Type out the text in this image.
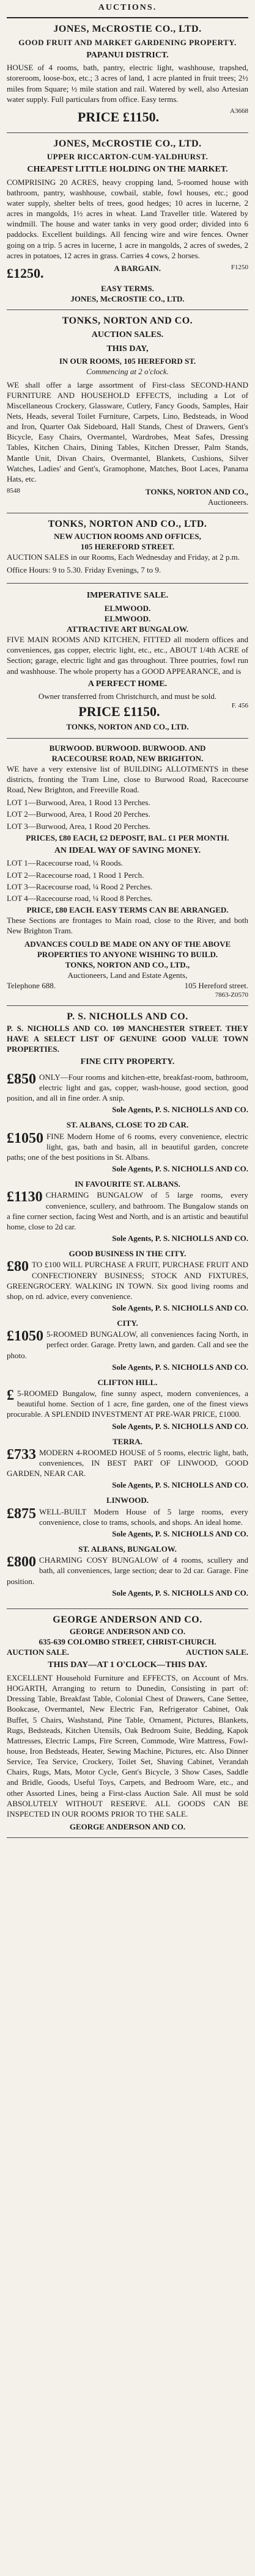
AUCTIONS.
JONES, McCROSTIE CO., LTD.
GOOD FRUIT AND MARKET GARDENING PROPERTY.
PAPANUI DISTRICT.

HOUSE of 4 rooms, bath, pantry, electric light, washhouse, trapshed, storeroom, loose-box, etc.; 3 acres of land, 1 acre planted in fruit trees; 2½ miles from Square; ½ mile station and rail. Watered by well, also Artesian water supply. Full particulars from office. Easy terms.

PRICE £1150.	A3668
JONES, McCROSTIE CO., LTD.
UPPER RICCARTON-CUM-YALDHURST.
CHEAPEST LITTLE HOLDING ON THE MARKET.

COMPRISING 20 ACRES, heavy cropping land, 5-roomed house with bathroom, pantry, washhouse, cowbail, stable, fowl houses, etc.; good water supply, shelter belts of trees, good hedges; 10 acres in lucerne, 2 acres in mangolds, 1½ acres in wheat. Land Traveller title. Watered by windmill. The house and water tanks in very good order; divided into 6 paddocks. Excellent buildings. All fencing wire and wire fences. Owner going on a trip. 5 acres in lucerne, 1 acre in mangolds, 2 acres of swedes, 2 acres in potatoes, 12 acres in grass. Carries 4 cows, 2 horses.

£1250.	A BARGAIN.	F1250
EASY TERMS.
JONES, McCROSTIE CO., LTD.
TONKS, NORTON AND CO.
AUCTION SALES.
THIS DAY,
IN OUR ROOMS, 105 HEREFORD ST.
Commencing at 2 o'clock.

WE shall offer a large assortment of First-class SECOND-HAND FURNITURE AND HOUSEHOLD EFFECTS, including a Lot of Miscellaneous Crockery, Glassware, Cutlery, Fancy Goods, Samples, Hair Nets, Heads, several Toilet Furniture, Carpets, Lino, Bedsteads, in Wood and Iron, Quarter Oak Sideboard, Hall Stands, Chest of Drawers, Gent's Bicycle, Easy Chairs, Overmantel, Wardrobes, Meat Safes, Dressing Tables, Kitchen Chairs, Dining Tables, Kitchen Dresser, Palm Stands, Mantle Unit, Divan Chairs, Overmantel, Blankets, Cushions, Silver Watches, Ladies' and Gent's, Gramophone, Matches, Boot Laces, Panama Hats, etc.

8548	TONKS, NORTON AND CO.,
Auctioneers.
TONKS, NORTON AND CO., LTD.
NEW AUCTION ROOMS AND OFFICES,
105 HEREFORD STREET.

AUCTION SALES in our Rooms, Each Wednesday and Friday, at 2 p.m.

Office Hours: 9 to 5.30. Friday Evenings, 7 to 9.

IMPERATIVE SALE.
ELMWOOD.
ELMWOOD.
ATTRACTIVE ART BUNGALOW.

FIVE MAIN ROOMS AND KITCHEN, FITTED all modern offices and conveniences, gas copper, electric light, etc., etc., ABOUT 1/4th ACRE of Section; garage, electric light and gas throughout. Three poutries, fowl run and washhouse. The whole property has a GOOD APPEARANCE, and is

A PERFECT HOME.
Owner transferred from Christchurch, and must be sold.
PRICE £1150.	F. 456
TONKS, NORTON AND CO., LTD.
BURWOOD. BURWOOD. BURWOOD. AND
RACECOURSE ROAD, NEW BRIGHTON.

WE have a very extensive list of BUILDING ALLOTMENTS in these districts, fronting the Tram Line, close to Burwood Road, Racecourse Road, New Brighton, and Freeville Road.

LOT 1—Burwood, Area, 1 Rood 13 Perches.
LOT 2—Burwood, Area, 1 Rood 20 Perches.
LOT 3—Burwood, Area, 1 Rood 20 Perches.
PRICES, £80 EACH, £2 DEPOSIT, BAL. £1 PER MONTH.
AN IDEAL WAY OF SAVING MONEY.
LOT 1—Racecourse road, ¼ Roods.
LOT 2—Racecourse road, 1 Rood 1 Perch.
LOT 3—Racecourse road, ¼ Rood 2 Perches.
LOT 4—Racecourse road, ¼ Rood 8 Perches.
PRICE, £80 EACH. EASY TERMS CAN BE ARRANGED.

These Sections are frontages to Main road, close to the River, and both New Brighton Tram.

ADVANCES COULD BE MADE ON ANY OF THE ABOVE PROPERTIES TO ANYONE WISHING TO BUILD.
TONKS, NORTON AND CO., LTD.,
Auctioneers, Land and Estate Agents,
Telephone 688.	105 Hereford street.
7863-Z0570
P. S. NICHOLLS AND CO.

P. S. NICHOLLS AND CO. 109 MANCHESTER STREET. THEY HAVE A SELECT LIST OF GENUINE GOOD VALUE TOWN PROPERTIES.

FINE CITY PROPERTY.
£850 ONLY—Four rooms and kitchen-ette, breakfast-room, bathroom, electric light and gas, copper, wash-house, good section, good position, and all in fine order. A snip.
Sole Agents, P. S. NICHOLLS AND CO.
ST. ALBANS, CLOSE TO 2D CAR.
£1050 FINE Modern Home of 6 rooms, every convenience, electric light, gas, bath and basin, all in beautiful garden, concrete paths; one of the best positions in St. Albans.
Sole Agents, P. S. NICHOLLS AND CO.
IN FAVOURITE ST. ALBANS.
£1130 CHARMING BUNGALOW of 5 large rooms, every convenience, scullery, and bathroom. The Bungalow stands on a fine corner section, facing West and North, and is an artistic and beautiful home, close to 2d car.
Sole Agents, P. S. NICHOLLS AND CO.
GOOD BUSINESS IN THE CITY.
£80 TO £100 WILL PURCHASE A FRUIT, PURCHASE FRUIT AND CONFECTIONERY BUSINESS; STOCK AND FIXTURES, GREENGROCERY. WALKING IN TOWN. Six good living rooms and shop, on rd. advice, every convenience.
Sole Agents, P. S. NICHOLLS AND CO.
CITY.
£1050 5-ROOMED BUNGALOW, all conveniences facing North, in perfect order. Garage. Pretty lawn, and garden. Call and see the photo.
Sole Agents, P. S. NICHOLLS AND CO.
CLIFTON HILL.
£ 5-ROOMED Bungalow, fine sunny aspect, modern conveniences, a beautiful home. Section of 1 acre, fine garden, one of the finest views procurable. A SPLENDID INVESTMENT AT PRE-WAR PRICE, £1000.
Sole Agents, P. S. NICHOLLS AND CO.
TERRA.
£733 MODERN 4-ROOMED HOUSE of 5 rooms, electric light, bath, conveniences, IN BEST PART OF LINWOOD, GOOD GARDEN, NEAR CAR.
Sole Agents, P. S. NICHOLLS AND CO.
LINWOOD.
£875 WELL-BUILT Modern House of 5 large rooms, every convenience, close to trams, schools, and shops. An ideal home.
Sole Agents, P. S. NICHOLLS AND CO.
ST. ALBANS, BUNGALOW.
£800 CHARMING COSY BUNGALOW of 4 rooms, scullery and bath, all conveniences, large section; dear to 2d car. Garage. Fine position.
Sole Agents, P. S. NICHOLLS AND CO.
GEORGE ANDERSON AND CO.
GEORGE ANDERSON AND CO.
635-639 COLOMBO STREET, CHRIST-CHURCH.
AUCTION SALE.	AUCTION SALE.
THIS DAY—AT 1 O'CLOCK—THIS DAY.

EXCELLENT Household Furniture and EFFECTS, on Account of Mrs. HOGARTH, Arranging to return to Dunedin, Consisting in part of: Dressing Table, Breakfast Table, Colonial Chest of Drawers, Cane Settee, Bookcase, Overmantel, New Electric Fan, Refrigerator Cabinet, Oak Buffet, 5 Chairs, Washstand, Pine Table, Ornament, Pictures, Blankets, Rugs, Bedsteads, Kitchen Utensils, Oak Bedroom Suite, Bedding, Kapok Mattresses, Electric Lamps, Fire Screen, Commode, Wire Mattress, Fowl-house, Iron Bedsteads, Heater, Sewing Machine, Pictures, etc. Also Dinner Service, Tea Service, Crockery, Toilet Set, Shaving Cabinet, Verandah Chairs, Rugs, Mats, Motor Cycle, Gent's Bicycle, 3 Show Cases, Saddle and Bridle, Goods, Useful Toys, Carpets, and Bedroom Ware, etc., and other Assorted Lines, being a First-class Auction Sale. All must be sold ABSOLUTELY WITHOUT RESERVE. ALL GOODS CAN BE INSPECTED IN OUR ROOMS PRIOR TO THE SALE.

GEORGE ANDERSON AND CO.
